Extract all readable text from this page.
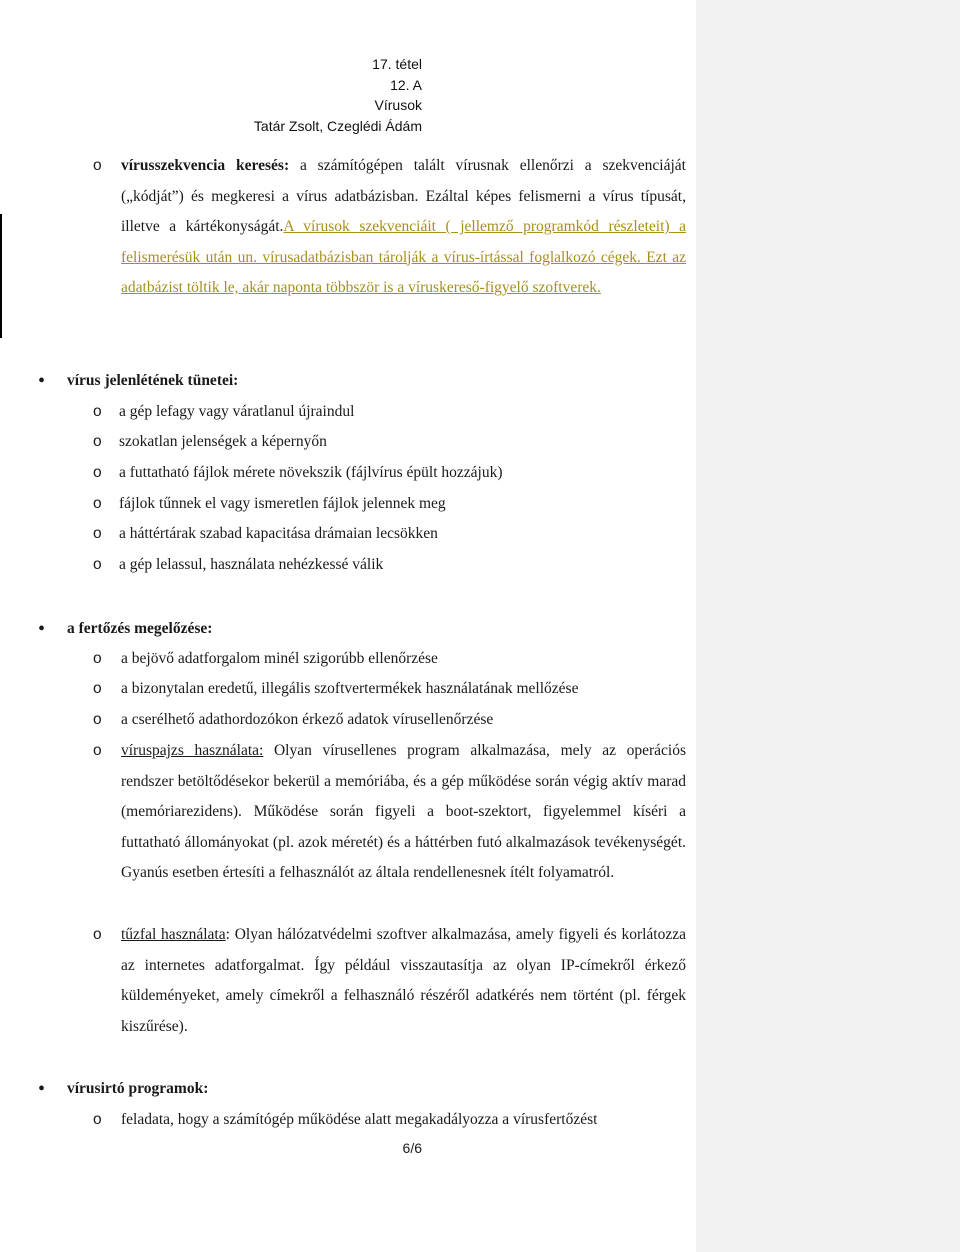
17. tétel
12. A
Vírusok
Tatár Zsolt, Czeglédi Ádám
o vírusszekvencia keresés: a számítógépen talált vírusnak ellenőrzi a szekvenciáját („kódját”) és megkeresi a vírus adatbázisban. Ezáltal képes felismerni a vírus típusát, illetve a kártékonyságát.A vírusok szekvenciáit ( jellemző programkód részleteit) a felismerésük után un. vírusadatbázisban tárolják a vírus-írtással foglalkozó cégek. Ezt az adatbázist töltik le, akár naponta többször is a víruskereső-figyelő szoftverek.
• vírus jelenlétének tünetei:
o a gép lefagy vagy váratlanul újraindul
o szokatlan jelenségek a képernyőn
o a futtatható fájlok mérete növekszik (fájlvírus épült hozzájuk)
o fájlok tűnnek el vagy ismeretlen fájlok jelennek meg
o a háttértárak szabad kapacitása drámaian lecsökken
o a gép lelassul, használata nehézkessé válik
• a fertőzés megelőzése:
o a bejövő adatforgalom minél szigorúbb ellenőrzése
o a bizonytalan eredetű, illegális szoftvertermékek használatának mellőzése
o a cserélhető adathordozókon érkező adatok vírusellenőrzése
o víruspajzs használata: Olyan vírusellenes program alkalmazása, mely az operációs rendszer betöltődésekor bekerül a memóriába, és a gép működése során végig aktív marad (memóriarezidens). Működése során figyeli a boot-szektort, figyelemmel kíséri a futtatható állományokat (pl. azok méretét) és a háttérben futó alkalmazások tevékenységét. Gyanús esetben értesíti a felhasználót az általa rendellenesnek ítélt folyamatról.
o tűzfal használata: Olyan hálózatvédelmi szoftver alkalmazása, amely figyeli és korlátozza az internetes adatforgalmat. Így például visszautasítja az olyan IP-címekről érkező küldeményeket, amely címekről a felhasználó részéről adatkérés nem történt (pl. férgek kiszűrése).
• vírusirtó programok:
o feladata, hogy a számítógép működése alatt megakadályozza a vírusfertőzést
6/6
